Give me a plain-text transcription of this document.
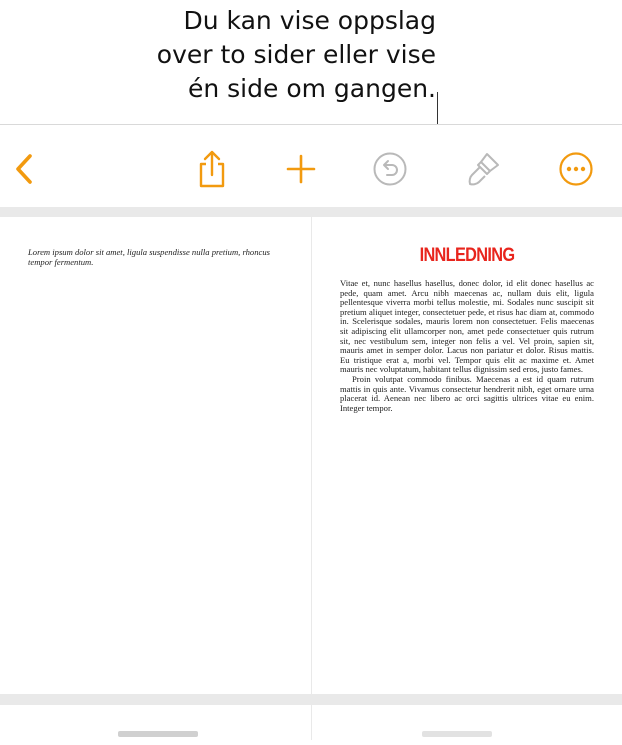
Du kan vise oppslag
over to sider eller vise
én side om gangen.
Lorem ipsum dolor sit amet, ligula suspendisse nulla pretium, rhoncus tempor fermentum.	INNLEDNING

Vitae et, nunc hasellus hasellus, donec dolor, id elit donec hasellus ac pede, quam amet. Arcu nibh maecenas ac, nullam duis elit, ligula pellentesque viverra morbi tellus molestie, mi. Sodales nunc suscipit sit pretium aliquet integer, consectetuer pede, et risus hac diam at, commodo in. Scelerisque sodales, mauris lorem non consectetuer. Felis maecenas sit adipiscing elit ullamcorper non, amet pede consectetuer quis rutrum sit, nec vestibulum sem, integer non felis a vel. Vel proin, sapien sit, mauris amet in semper dolor. Lacus non pariatur et dolor. Risus mattis. Eu tristique erat a, morbi vel. Tempor quis elit ac maxime et. Amet mauris nec voluptatum, habitant tellus dignissim sed eros, justo fames.

Proin volutpat commodo finibus. Maecenas a est id quam rutrum mattis in quis ante. Vivamus consectetur hendrerit nibh, eget ornare urna placerat id. Aenean nec libero ac orci sagittis ultrices vitae eu enim. Integer tempor.
